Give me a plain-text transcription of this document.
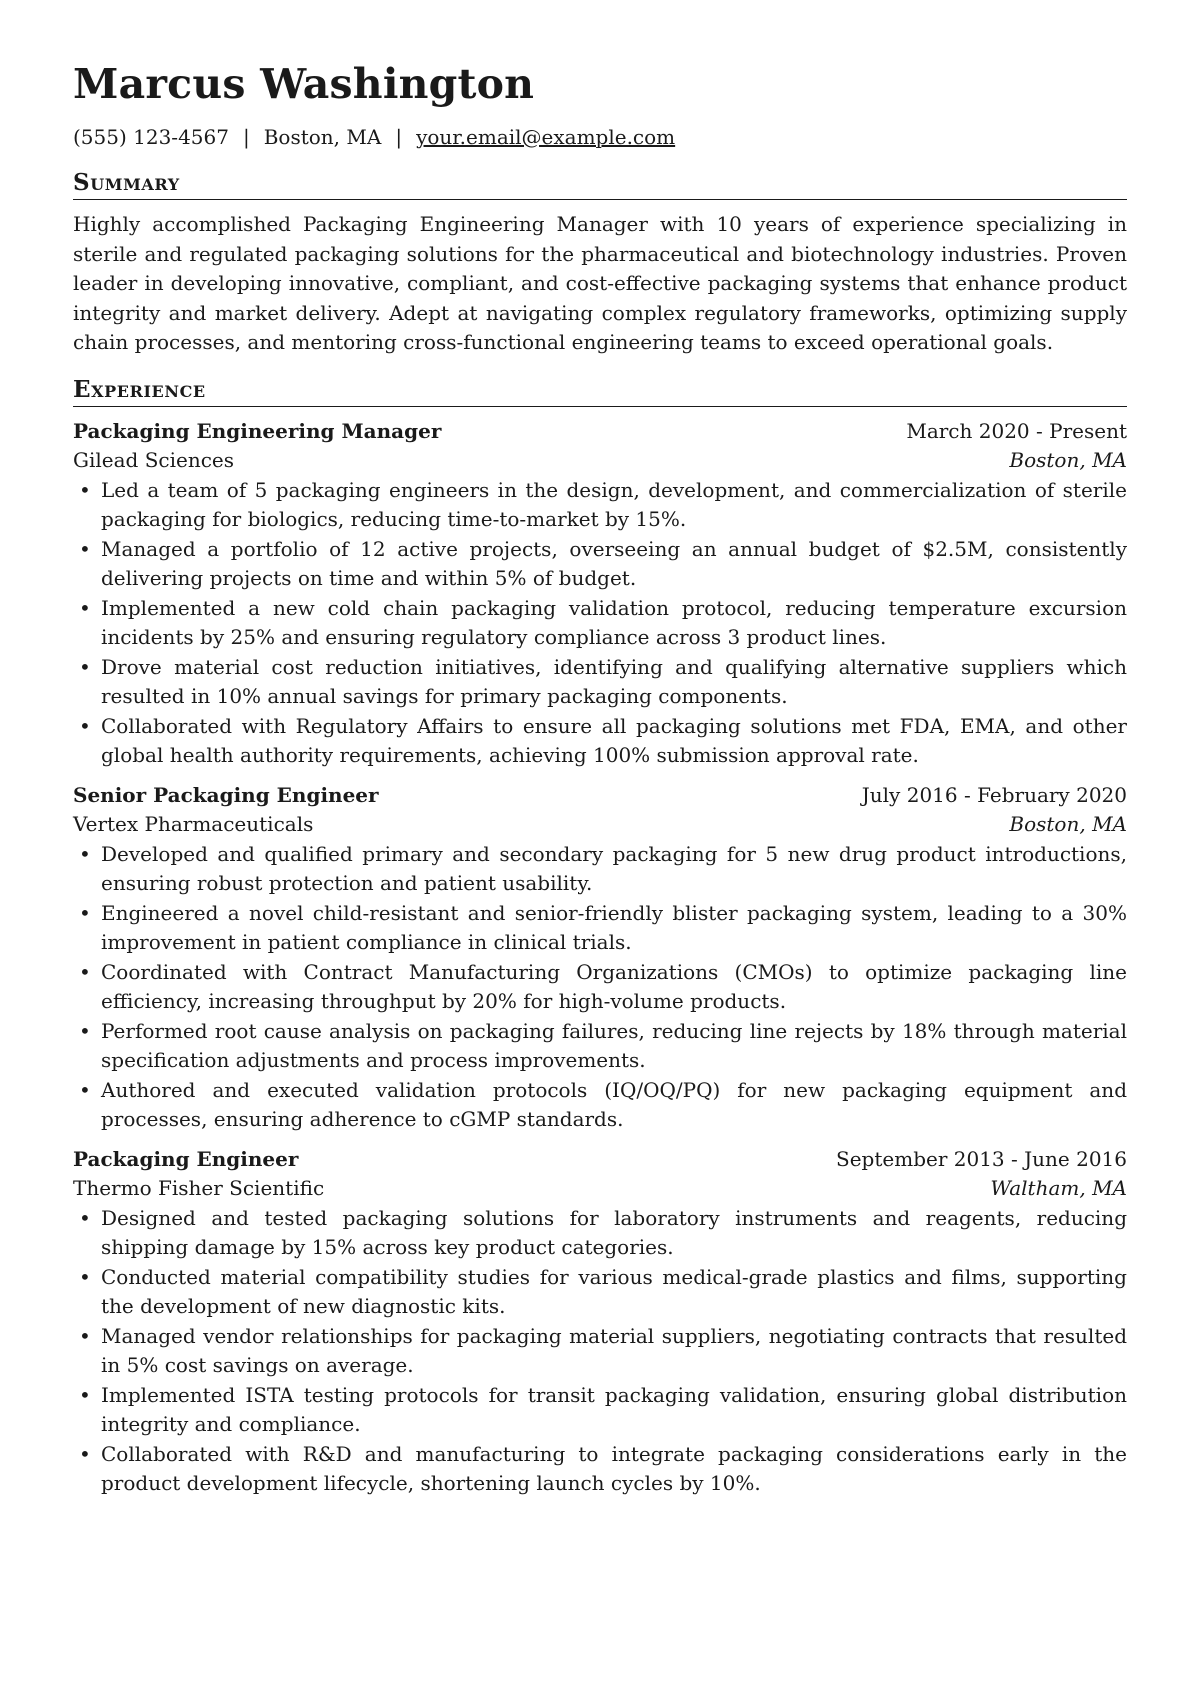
Marcus Washington
(555) 123-4567 | Boston, MA | your.email@example.com
Summary
Highly accomplished Packaging Engineering Manager with 10 years of experience specializing in sterile and regulated packaging solutions for the pharmaceutical and biotechnology industries. Proven leader in developing innovative, compliant, and cost-effective packaging systems that enhance product integrity and market delivery. Adept at navigating complex regulatory frameworks, optimizing supply chain processes, and mentoring cross-functional engineering teams to exceed operational goals.
Experience
Packaging Engineering Manager	March 2020 - Present
Gilead Sciences	Boston, MA
• Led a team of 5 packaging engineers in the design, development, and commercialization of sterile packaging for biologics, reducing time-to-market by 15%.
• Managed a portfolio of 12 active projects, overseeing an annual budget of $2.5M, consistently delivering projects on time and within 5% of budget.
• Implemented a new cold chain packaging validation protocol, reducing temperature excursion incidents by 25% and ensuring regulatory compliance across 3 product lines.
• Drove material cost reduction initiatives, identifying and qualifying alternative suppliers which resulted in 10% annual savings for primary packaging components.
• Collaborated with Regulatory Affairs to ensure all packaging solutions met FDA, EMA, and other global health authority requirements, achieving 100% submission approval rate.
Senior Packaging Engineer	July 2016 - February 2020
Vertex Pharmaceuticals	Boston, MA
• Developed and qualified primary and secondary packaging for 5 new drug product introductions, ensuring robust protection and patient usability.
• Engineered a novel child-resistant and senior-friendly blister packaging system, leading to a 30% improvement in patient compliance in clinical trials.
• Coordinated with Contract Manufacturing Organizations (CMOs) to optimize packaging line efficiency, increasing throughput by 20% for high-volume products.
• Performed root cause analysis on packaging failures, reducing line rejects by 18% through material specification adjustments and process improvements.
• Authored and executed validation protocols (IQ/OQ/PQ) for new packaging equipment and processes, ensuring adherence to cGMP standards.
Packaging Engineer	September 2013 - June 2016
Thermo Fisher Scientific	Waltham, MA
• Designed and tested packaging solutions for laboratory instruments and reagents, reducing shipping damage by 15% across key product categories.
• Conducted material compatibility studies for various medical-grade plastics and films, supporting the development of new diagnostic kits.
• Managed vendor relationships for packaging material suppliers, negotiating contracts that resulted in 5% cost savings on average.
• Implemented ISTA testing protocols for transit packaging validation, ensuring global distribution integrity and compliance.
• Collaborated with R&D and manufacturing to integrate packaging considerations early in the product development lifecycle, shortening launch cycles by 10%.
